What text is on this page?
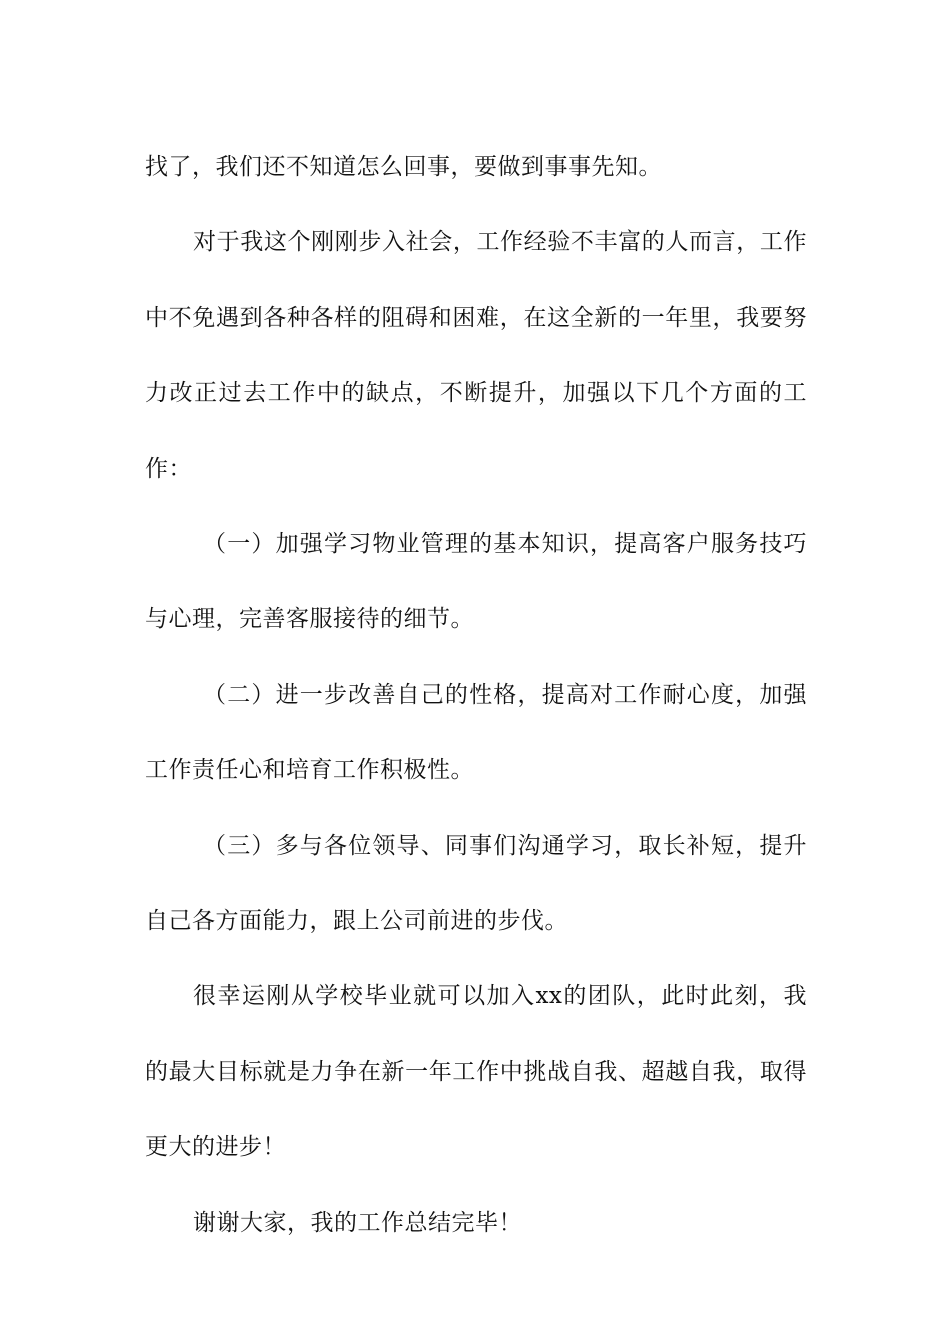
找了，我们还不知道怎么回事，要做到事事先知。

对于我这个刚刚步入社会，工作经验不丰富的人而言，工作中不免遇到各种各样的阻碍和困难，在这全新的一年里，我要努力改正过去工作中的缺点，不断提升，加强以下几个方面的工作：

（一）加强学习物业管理的基本知识，提高客户服务技巧与心理，完善客服接待的细节。

（二）进一步改善自己的性格，提高对工作耐心度，加强工作责任心和培育工作积极性。

（三）多与各位领导、同事们沟通学习，取长补短，提升自己各方面能力，跟上公司前进的步伐。

很幸运刚从学校毕业就可以加入xx的团队，此时此刻，我的最大目标就是力争在新一年工作中挑战自我、超越自我，取得更大的进步！

谢谢大家，我的工作总结完毕！
